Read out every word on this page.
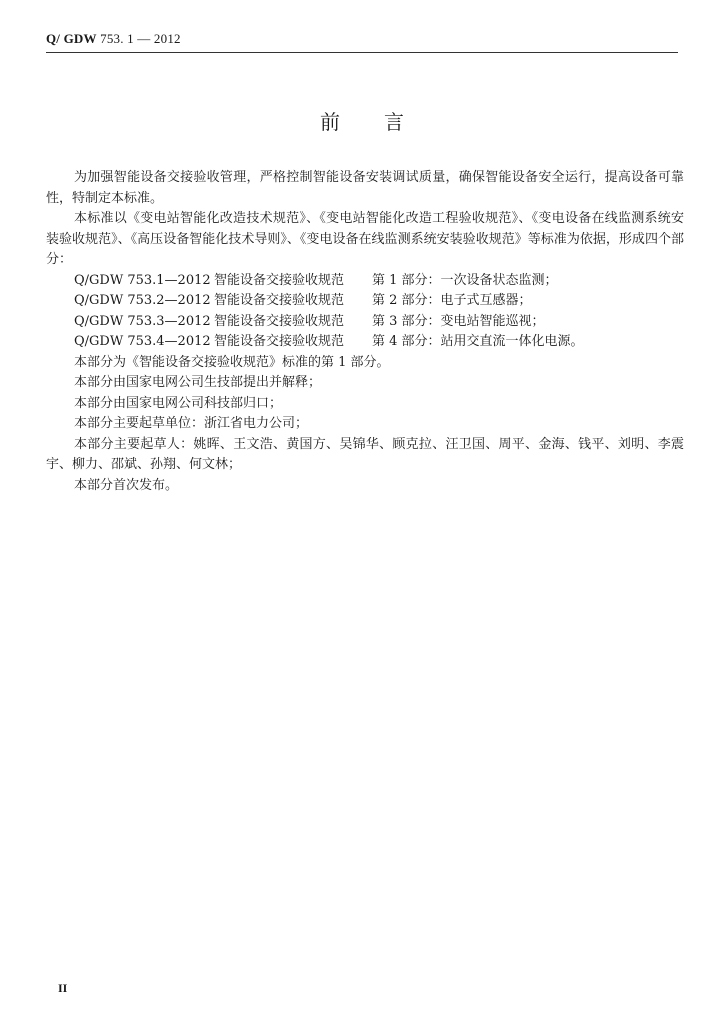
Q/ GDW 753. 1 — 2012
前言

为加强智能设备交接验收管理，严格控制智能设备安装调试质量，确保智能设备安全运行，提高设备可靠性，特制定本标准。

本标准以《变电站智能化改造技术规范》、《变电站智能化改造工程验收规范》、《变电设备在线监测系统安装验收规范》、《高压设备智能化技术导则》、《变电设备在线监测系统安装验收规范》等标准为依据，形成四个部分：

Q/GDW 753.1—2012 智能设备交接验收规范 第 1 部分：一次设备状态监测；
Q/GDW 753.2—2012 智能设备交接验收规范 第 2 部分：电子式互感器；
Q/GDW 753.3—2012 智能设备交接验收规范 第 3 部分：变电站智能巡视；
Q/GDW 753.4—2012 智能设备交接验收规范 第 4 部分：站用交直流一体化电源。

本部分为《智能设备交接验收规范》标准的第 1 部分。

本部分由国家电网公司生技部提出并解释；

本部分由国家电网公司科技部归口；

本部分主要起草单位：浙江省电力公司；

本部分主要起草人：姚晖、王文浩、黄国方、吴锦华、顾克拉、汪卫国、周平、金海、钱平、刘明、李震宇、柳力、邵斌、孙翔、何文林；

本部分首次发布。

II
